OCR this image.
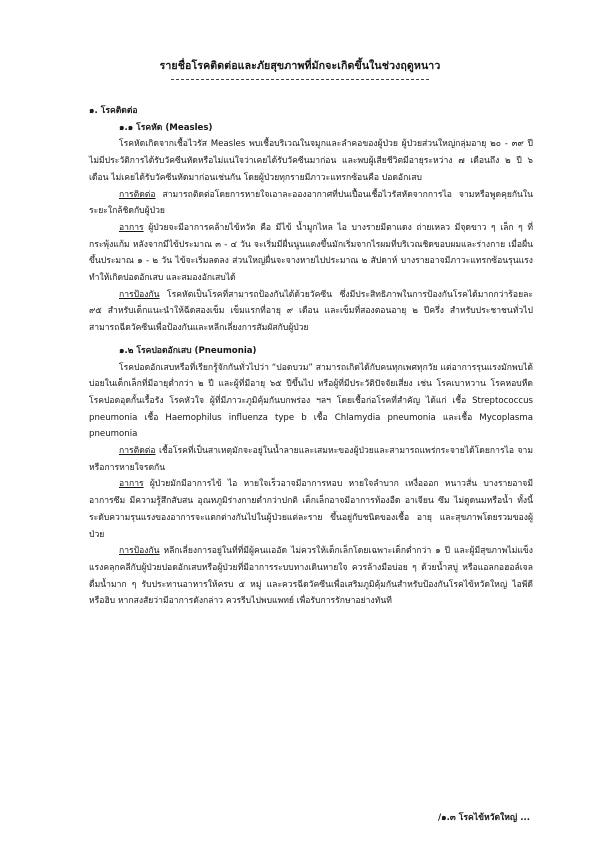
รายชื่อโรคติดต่อและภัยสุขภาพที่มักจะเกิดขึ้นในช่วงฤดูหนาว

๑. โรคติดต่อ

๑.๑ โรคหัด (Measles)

โรคหัดเกิดจากเชื้อไวรัส Measles พบเชื้อบริเวณในจมูกและลำคอของผู้ป่วย ผู้ป่วยส่วนใหญ่กลุ่มอายุ ๒๐ - ๓๙ ปี ไม่มีประวัติการได้รับวัคซีนหัดหรือไม่แน่ใจว่าเคยได้รับวัคซีนมาก่อน และพบผู้เสียชีวิตมีอายุระหว่าง ๗ เดือนถึง ๒ ปี ๖ เดือน ไม่เคยได้รับวัคซีนหัดมาก่อนเช่นกัน โดยผู้ป่วยทุกรายมีภาวะแทรกซ้อนคือ ปอดอักเสบ

การติดต่อ สามารถติดต่อโดยการหายใจเอาละอองอากาศที่ปนเปื้อนเชื้อไวรัสหัดจากการไอ จามหรือพูดคุยกันในระยะใกล้ชิดกับผู้ป่วย

อาการ ผู้ป่วยจะมีอาการคล้ายไข้หวัด คือ มีไข้ น้ำมูกไหล ไอ บางรายมีตาแดง ถ่ายเหลว มีจุดขาว ๆ เล็ก ๆ ที่กระพุ้งแก้ม หลังจากมีไข้ประมาณ ๓ - ๔ วัน จะเริ่มมีผื่นนูนแดงขึ้นมักเริ่มจากไรผมที่บริเวณชิดขอบผมและร่างกาย เมื่อผื่นขึ้นประมาณ ๑ - ๒ วัน ไข้จะเริ่มลดลง ส่วนใหญ่ผื่นจะจางหายไปประมาณ ๒ สัปดาห์ บางรายอาจมีภาวะแทรกซ้อนรุนแรงทำให้เกิดปอดอักเสบ และสมองอักเสบได้

การป้องกัน โรคหัดเป็นโรคที่สามารถป้องกันได้ด้วยวัคซีน ซึ่งมีประสิทธิภาพในการป้องกันโรคได้มากกว่าร้อยละ ๙๕ สำหรับเด็กแนะนำให้ฉีดสองเข็ม เข็มแรกที่อายุ ๙ เดือน และเข็มที่สองตอนอายุ ๒ ปีครึ่ง สำหรับประชาชนทั่วไปสามารถฉีดวัคซีนเพื่อป้องกันและหลีกเลี่ยงการสัมผัสกับผู้ป่วย

๑.๒ โรคปอดอักเสบ (Pneumonia)

โรคปอดอักเสบหรือที่เรียกรู้จักกันทั่วไปว่า “ปอดบวม” สามารถเกิดได้กับคนทุกเพศทุกวัย แต่อาการรุนแรงมักพบได้บ่อยในเด็กเล็กที่มีอายุต่ำกว่า ๒ ปี และผู้ที่มีอายุ ๖๕ ปีขึ้นไป หรือผู้ที่มีประวัติปัจจัยเสี่ยง เช่น โรคเบาหวาน โรคหอบหืด โรคปอดอุดกั้นเรื้อรัง โรคหัวใจ ผู้ที่มีภาวะภูมิคุ้มกันบกพร่อง ฯลฯ โดยเชื้อก่อโรคที่สำคัญ ได้แก่ เชื้อ Streptococcus pneumonia เชื้อ Haemophilus influenza type b เชื้อ Chlamydia pneumonia และเชื้อ Mycoplasma pneumonia

การติดต่อ เชื้อโรคที่เป็นสาเหตุมักจะอยู่ในน้ำลายและเสมหะของผู้ป่วยและสามารถแพร่กระจายได้โดยการไอ จาม หรือการหายใจรดกัน

อาการ ผู้ป่วยมักมีอาการไข้ ไอ หายใจเร็วอาจมีอาการหอบ หายใจลำบาก เหงื่อออก หนาวสั่น บางรายอาจมีอาการซึม มีความรู้สึกสับสน อุณหภูมิร่างกายต่ำกว่าปกติ เด็กเล็กอาจมีอาการท้องอืด อาเจียน ซึม ไม่ดูดนมหรือน้ำ ทั้งนี้ ระดับความรุนแรงของอาการจะแตกต่างกันไปในผู้ป่วยแต่ละราย ขึ้นอยู่กับชนิดของเชื้อ อายุ และสุขภาพโดยรวมของผู้ป่วย

การป้องกัน หลีกเลี่ยงการอยู่ในที่ที่มีผู้คนแออัด ไม่ควรให้เด็กเล็กโดยเฉพาะเด็กต่ำกว่า ๑ ปี และผู้มีสุขภาพไม่แข็งแรงคลุกคลีกับผู้ป่วยปอดอักเสบหรือผู้ป่วยที่มีอาการระบบทางเดินหายใจ ควรล้างมือบ่อย ๆ ด้วยน้ำสบู่ หรือแอลกอฮอล์เจล ดื่มน้ำมาก ๆ รับประทานอาหารให้ครบ ๕ หมู่ และควรฉีดวัคซีนเพื่อเสริมภูมิคุ้มกันสำหรับป้องกันโรคไข้หวัดใหญ่ ไอพีดี หรือฮิบ หากสงสัยว่ามีอาการดังกล่าว ควรรีบไปพบแพทย์ เพื่อรับการรักษาอย่างทันที

/๑.๓ โรคไข้หวัดใหญ่ ...
